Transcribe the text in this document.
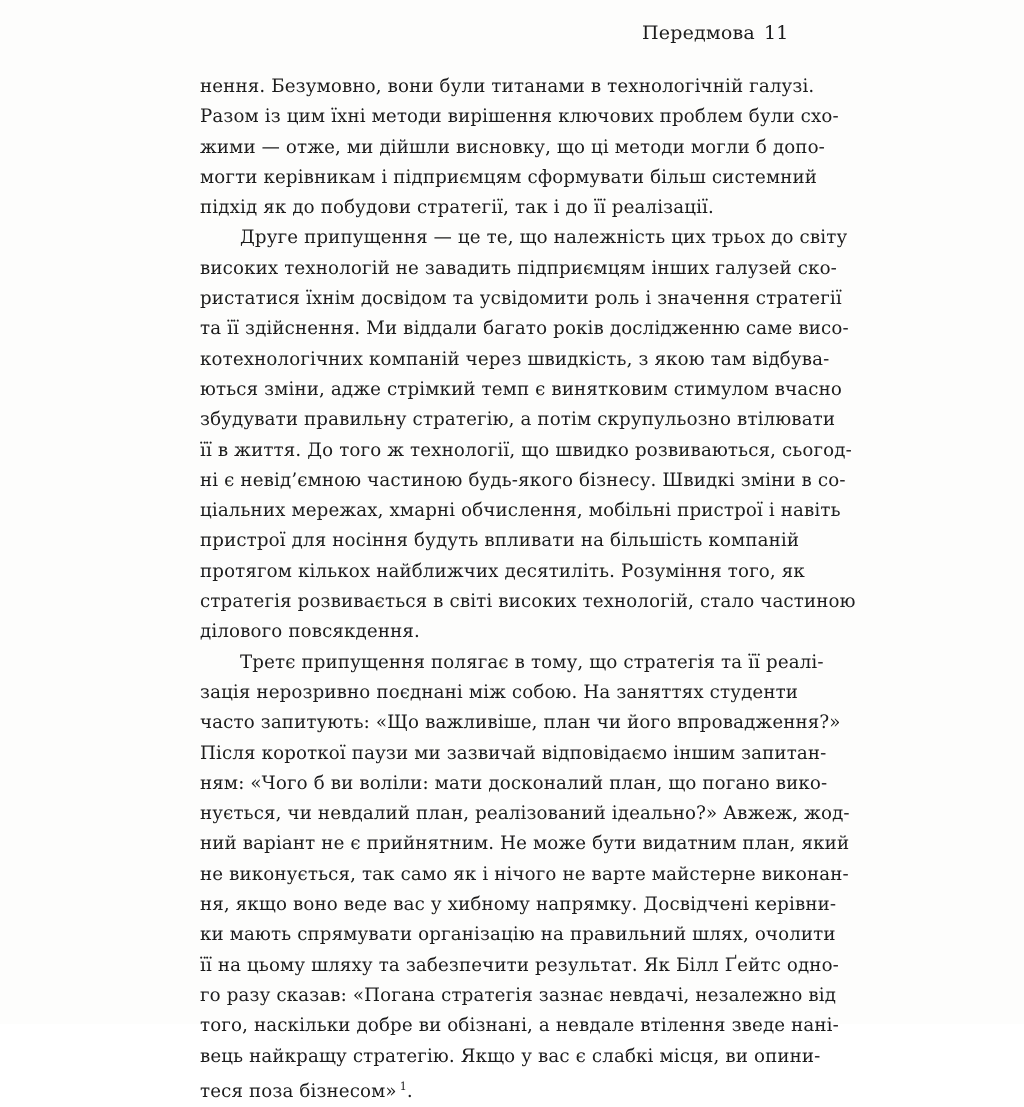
Передмова 11
нення. Безумовно, вони були титанами в технологічній галузі.
Разом із цим їхні методи вирішення ключових проблем були схо-
жими — отже, ми дійшли висновку, що ці методи могли б допо-
могти керівникам і підприємцям сформувати більш системний
підхід як до побудови стратегії, так і до її реалізації.
Друге припущення — це те, що належність цих трьох до світу
високих технологій не завадить підприємцям інших галузей ско-
ристатися їхнім досвідом та усвідомити роль і значення стратегії
та її здійснення. Ми віддали багато років дослідженню саме висо-
котехнологічних компаній через швидкість, з якою там відбува-
ються зміни, адже стрімкий темп є винятковим стимулом вчасно
збудувати правильну стратегію, а потім скрупульозно втілювати
її в життя. До того ж технології, що швидко розвиваються, сьогод-
ні є невід’ємною частиною будь-якого бізнесу. Швидкі зміни в со-
ціальних мережах, хмарні обчислення, мобільні пристрої і навіть
пристрої для носіння будуть впливати на більшість компаній
протягом кількох найближчих десятиліть. Розуміння того, як
стратегія розвивається в світі високих технологій, стало частиною
ділового повсякдення.
Третє припущення полягає в тому, що стратегія та її реалі-
зація нерозривно поєднані між собою. На заняттях студенти
часто запитують: «Що важливіше, план чи його впровадження?»
Після короткої паузи ми зазвичай відповідаємо іншим запитан-
ням: «Чого б ви воліли: мати досконалий план, що погано вико-
нується, чи невдалий план, реалізований ідеально?» Авжеж, жод-
ний варіант не є прийнятним. Не може бути видатним план, який
не виконується, так само як і нічого не варте майстерне виконан-
ня, якщо воно веде вас у хибному напрямку. Досвідчені керівни-
ки мають спрямувати організацію на правильний шлях, очолити
її на цьому шляху та забезпечити результат. Як Білл Ґейтс одно-
го разу сказав: «Погана стратегія зазнає невдачі, незалежно від
того, наскільки добре ви обізнані, а невдале втілення зведе нані-
вець найкращу стратегію. Якщо у вас є слабкі місця, ви опини-
теся поза бізнесом» $^1$.
